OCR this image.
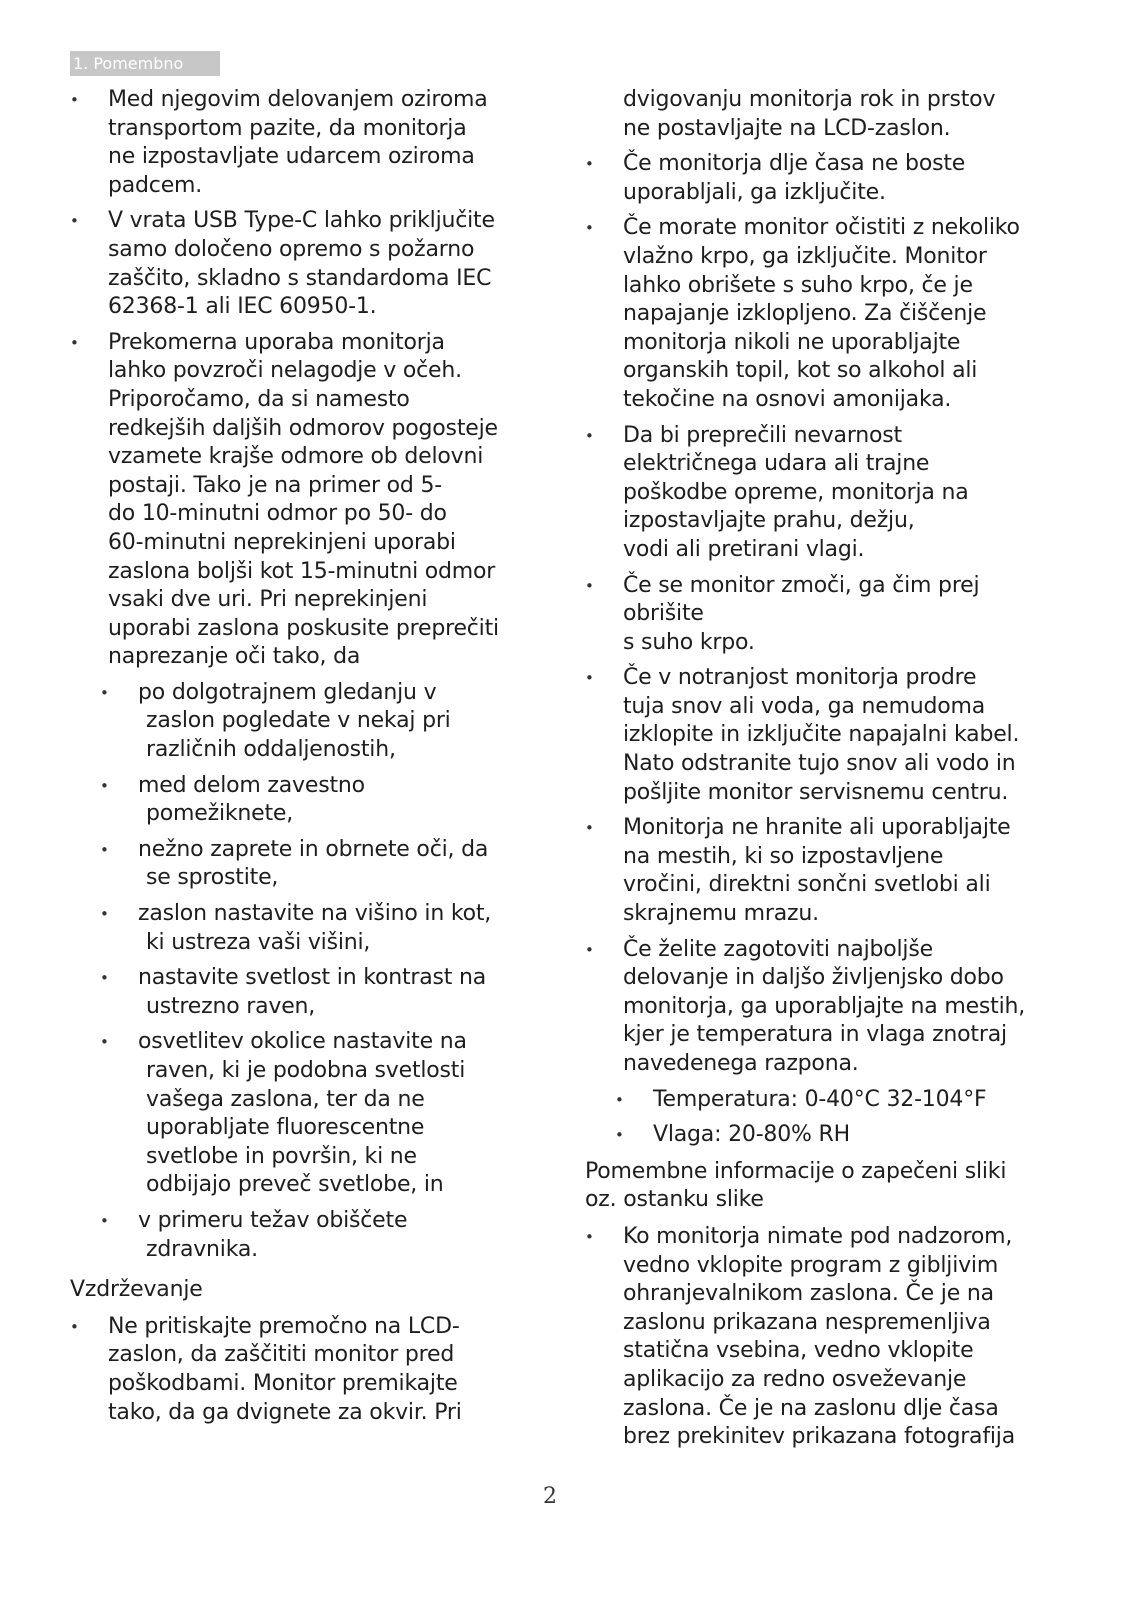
1. Pomembno
• Med njegovim delovanjem oziroma
transportom pazite, da monitorja
ne izpostavljate udarcem oziroma
padcem.
• V vrata USB Type-C lahko priključite
samo določeno opremo s požarno
zaščito, skladno s standardoma IEC
62368-1 ali IEC 60950-1.
• Prekomerna uporaba monitorja
lahko povzroči nelagodje v očeh.
Priporočamo, da si namesto
redkejših daljših odmorov pogosteje
vzamete krajše odmore ob delovni
postaji. Tako je na primer od 5-
do 10-minutni odmor po 50- do
60-minutni neprekinjeni uporabi
zaslona boljši kot 15-minutni odmor
vsaki dve uri. Pri neprekinjeni
uporabi zaslona poskusite preprečiti
naprezanje oči tako, da
• po dolgotrajnem gledanju v
zaslon pogledate v nekaj pri
različnih oddaljenostih,
• med delom zavestno
pomežiknete,
• nežno zaprete in obrnete oči, da
se sprostite,
• zaslon nastavite na višino in kot,
ki ustreza vaši višini,
• nastavite svetlost in kontrast na
ustrezno raven,
• osvetlitev okolice nastavite na
raven, ki je podobna svetlosti
vašega zaslona, ter da ne
uporabljate fluorescentne
svetlobe in površin, ki ne
odbijajo preveč svetlobe, in
• v primeru težav obiščete
zdravnika.
Vzdrževanje
• Ne pritiskajte premočno na LCD-
zaslon, da zaščititi monitor pred
poškodbami. Monitor premikajte
tako, da ga dvignete za okvir. Pri
dvigovanju monitorja rok in prstov
ne postavljajte na LCD-zaslon.
• Če monitorja dlje časa ne boste
uporabljali, ga izključite.
• Če morate monitor očistiti z nekoliko
vlažno krpo, ga izključite. Monitor
lahko obrišete s suho krpo, če je
napajanje izklopljeno. Za čiščenje
monitorja nikoli ne uporabljajte
organskih topil, kot so alkohol ali
tekočine na osnovi amonijaka.
• Da bi preprečili nevarnost
električnega udara ali trajne
poškodbe opreme, monitorja na
izpostavljajte prahu, dežju,
vodi ali pretirani vlagi.
• Če se monitor zmoči, ga čim prej
obrišite
s suho krpo.
• Če v notranjost monitorja prodre
tuja snov ali voda, ga nemudoma
izklopite in izključite napajalni kabel.
Nato odstranite tujo snov ali vodo in
pošljite monitor servisnemu centru.
• Monitorja ne hranite ali uporabljajte
na mestih, ki so izpostavljene
vročini, direktni sončni svetlobi ali
skrajnemu mrazu.
• Če želite zagotoviti najboljše
delovanje in daljšo življenjsko dobo
monitorja, ga uporabljajte na mestih,
kjer je temperatura in vlaga znotraj
navedenega razpona.
• Temperatura: 0-40°C 32-104°F
• Vlaga: 20-80% RH
Pomembne informacije o zapečeni sliki
oz. ostanku slike
• Ko monitorja nimate pod nadzorom,
vedno vklopite program z gibljivim
ohranjevalnikom zaslona. Če je na
zaslonu prikazana nespremenljiva
statična vsebina, vedno vklopite
aplikacijo za redno osveževanje
zaslona. Če je na zaslonu dlje časa
brez prekinitev prikazana fotografija
2
